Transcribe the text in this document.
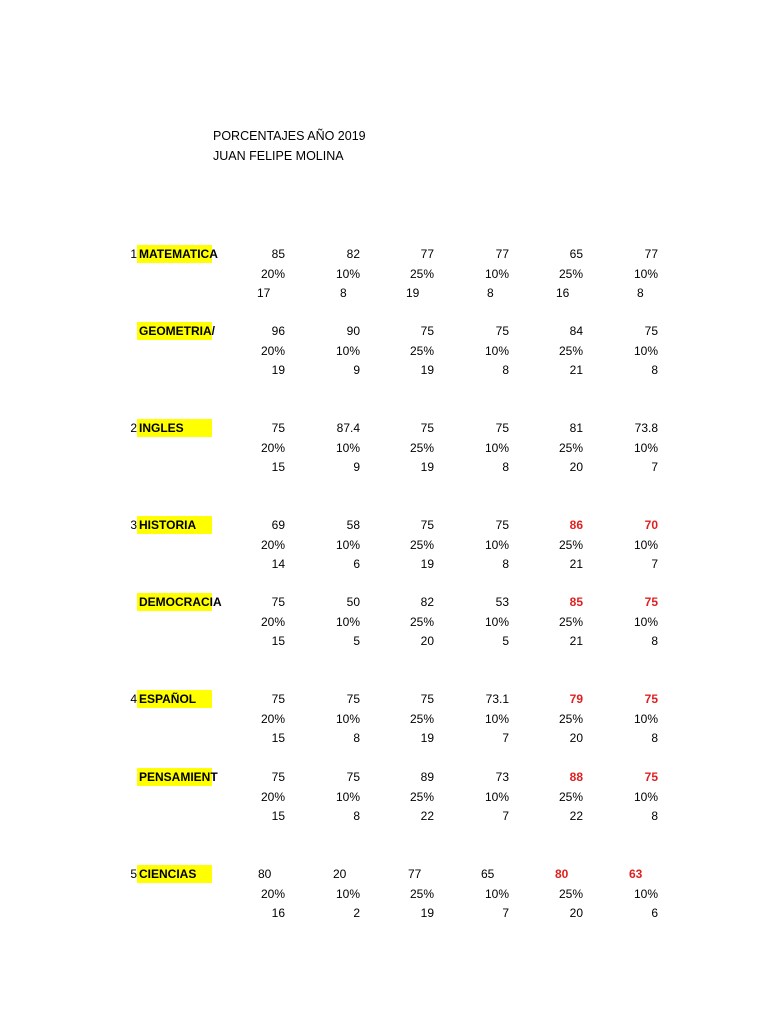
PORCENTAJES AÑO 2019
JUAN FELIPE MOLINA
1 MATEMATICA	85	82	77	77	65	77
20%	10%	25%	10%	25%	10%
17	8	19	8	16	8
GEOMETRIA/	96	90	75	75	84	75
20%	10%	25%	10%	25%	10%
19	9	19	8	21	8
2 INGLES	75	87.4	75	75	81	73.8
20%	10%	25%	10%	25%	10%
15	9	19	8	20	7
3 HISTORIA	69	58	75	75	86	70
20%	10%	25%	10%	25%	10%
14	6	19	8	21	7
DEMOCRACIA	75	50	82	53	85	75
20%	10%	25%	10%	25%	10%
15	5	20	5	21	8
4 ESPAÑOL	75	75	75	73.1	79	75
20%	10%	25%	10%	25%	10%
15	8	19	7	20	8
PENSAMIENT	75	75	89	73	88	75
20%	10%	25%	10%	25%	10%
15	8	22	7	22	8
5 CIENCIAS	80	20	77	65	80	63
20%	10%	25%	10%	25%	10%
16	2	19	7	20	6
